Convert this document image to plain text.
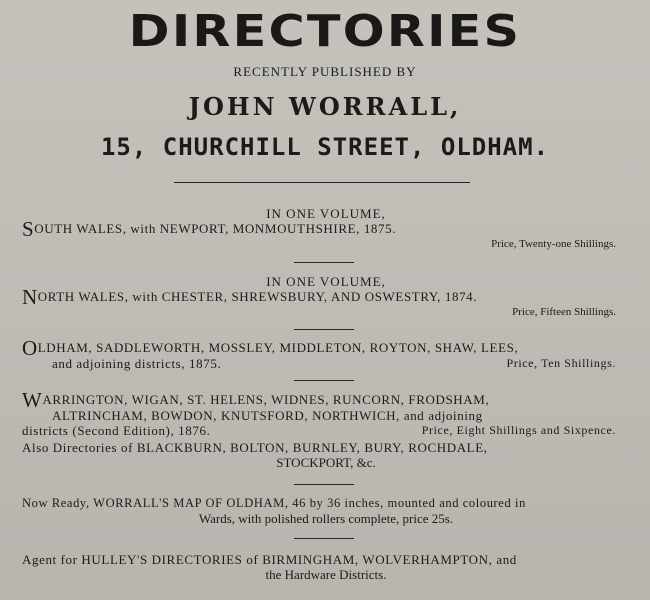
DIRECTORIES
RECENTLY PUBLISHED BY
JOHN WORRALL,
15, CHURCHILL STREET, OLDHAM.
IN ONE VOLUME,
SOUTH WALES, with NEWPORT, MONMOUTHSHIRE, 1875.
Price, Twenty-one Shillings.
IN ONE VOLUME,
NORTH WALES, with CHESTER, SHREWSBURY, AND OSWESTRY, 1874.
Price, Fifteen Shillings.
OLDHAM, SADDLEWORTH, MOSSLEY, MIDDLETON, ROYTON, SHAW, LEES,
and adjoining districts, 1875.	Price, Ten Shillings.
WARRINGTON, WIGAN, ST. HELENS, WIDNES, RUNCORN, FRODSHAM,
ALTRINCHAM, BOWDON, KNUTSFORD, NORTHWICH, and adjoining
districts (Second Edition), 1876.	Price, Eight Shillings and Sixpence.
Also Directories of BLACKBURN, BOLTON, BURNLEY, BURY, ROCHDALE,
STOCKPORT, &c.
Now Ready, WORRALL'S MAP OF OLDHAM, 46 by 36 inches, mounted and coloured in
Wards, with polished rollers complete, price 25s.
Agent for HULLEY'S DIRECTORIES of BIRMINGHAM, WOLVERHAMPTON, and
the Hardware Districts.
